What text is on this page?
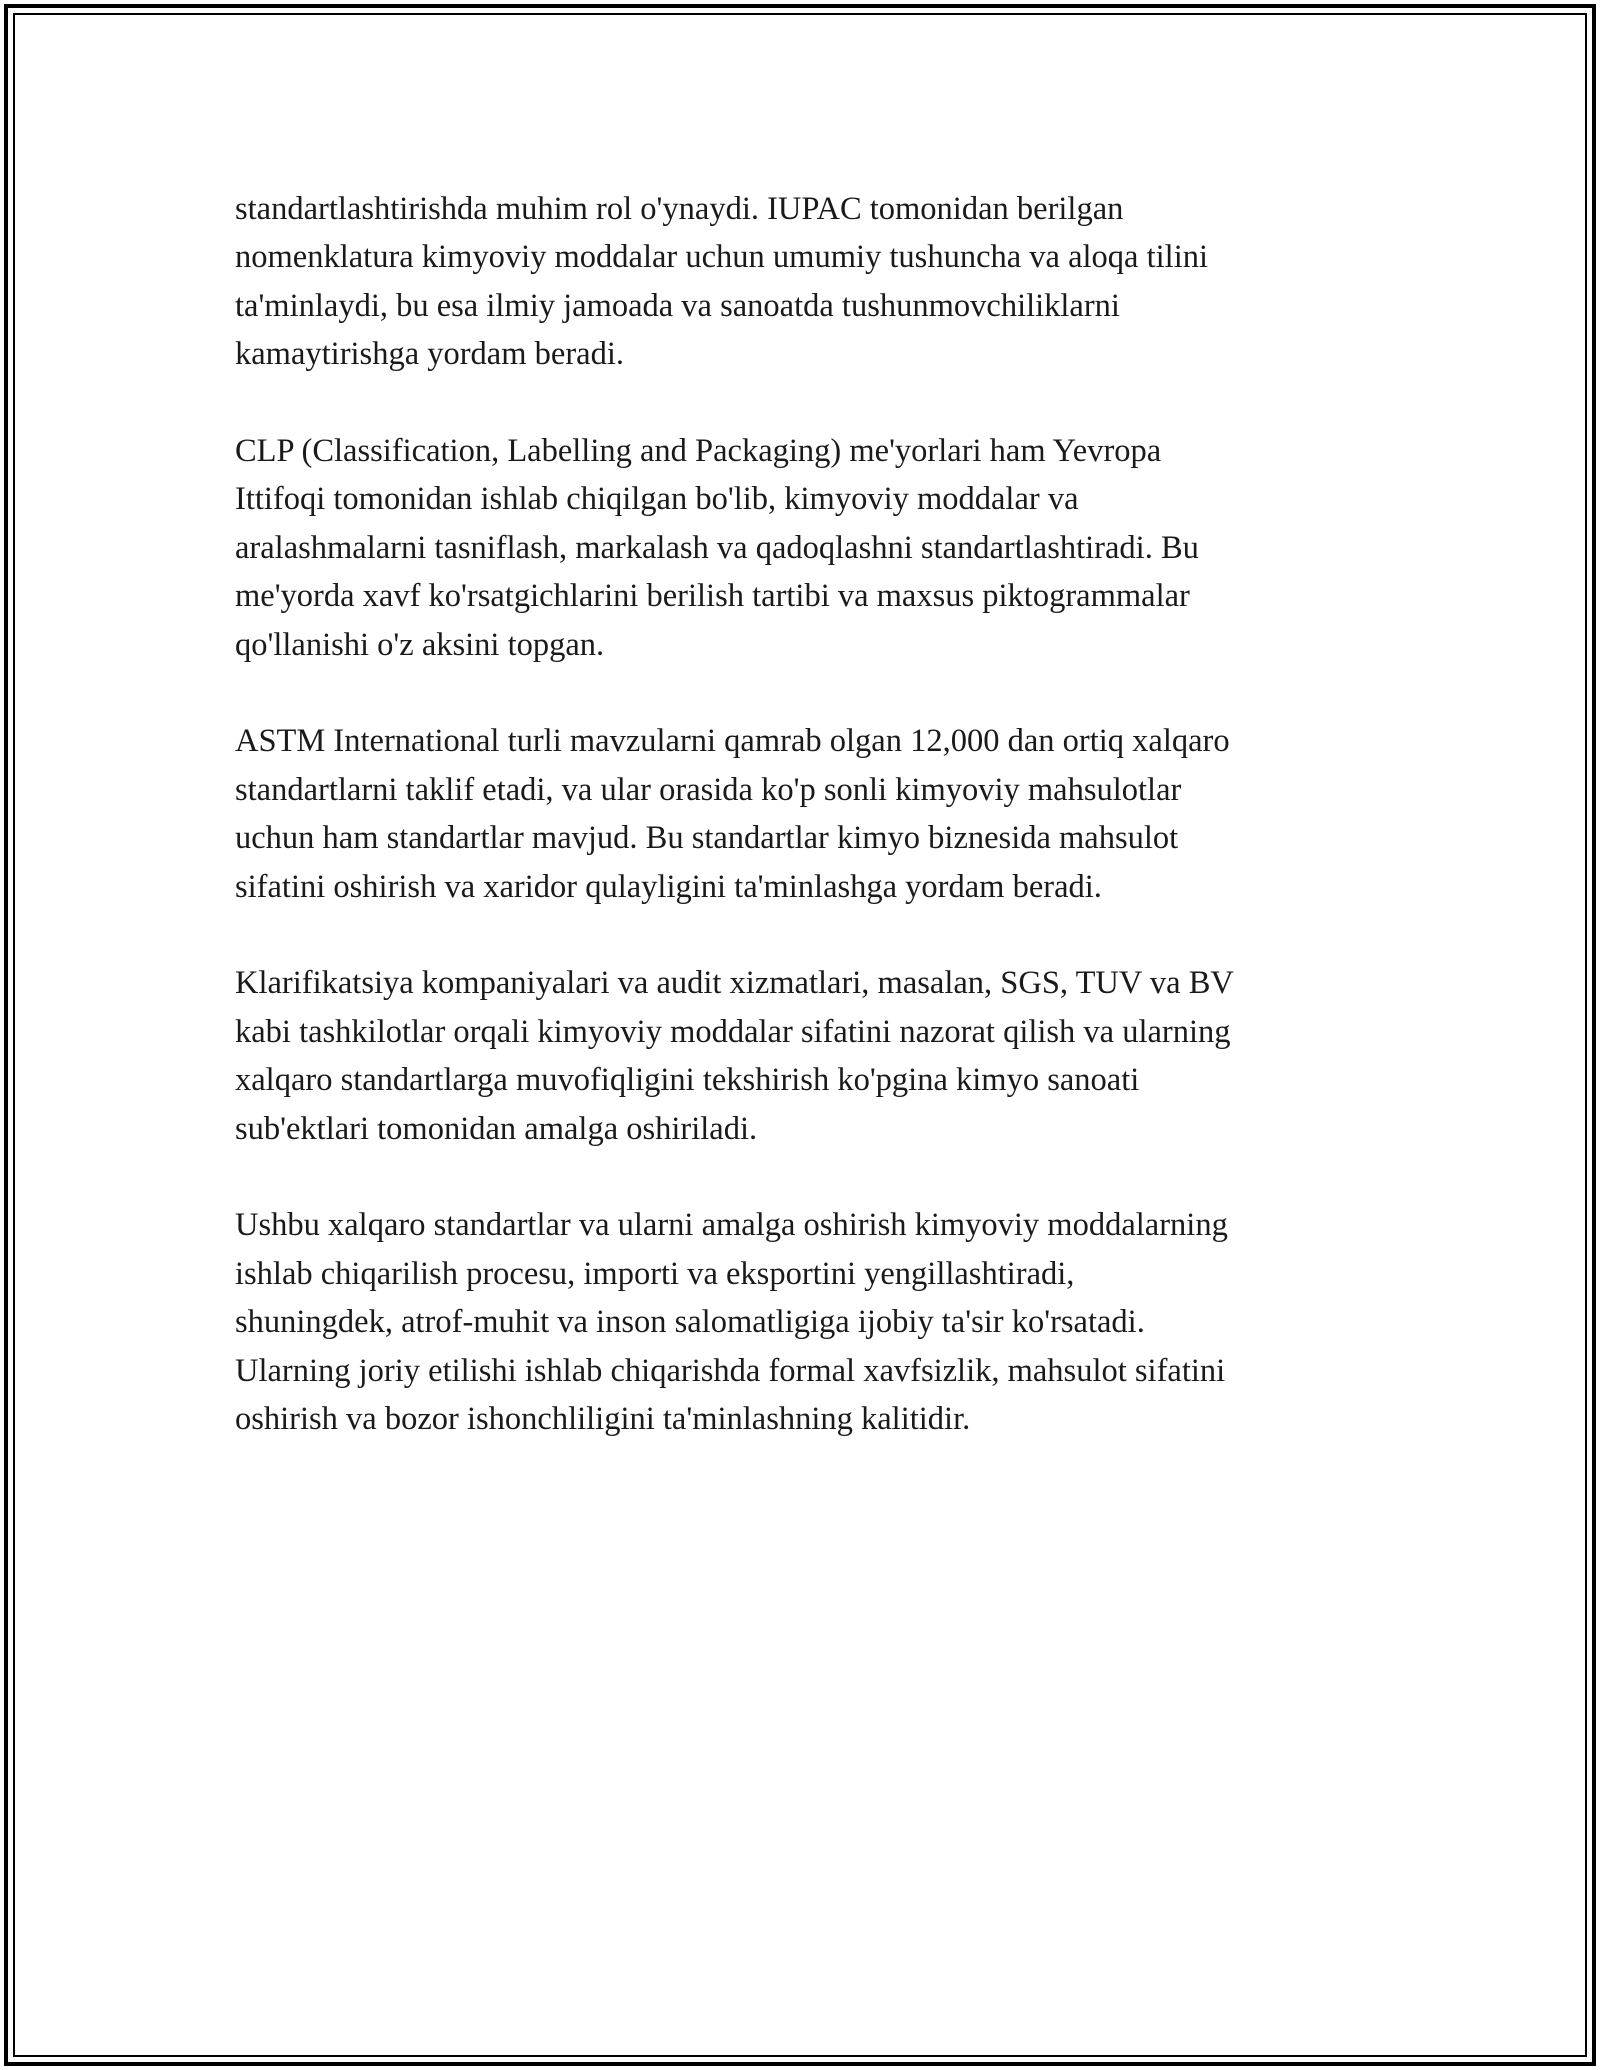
standartlashtirishda muhim rol o'ynaydi. IUPAC tomonidan berilgan
nomenklatura kimyoviy moddalar uchun umumiy tushuncha va aloqa tilini
ta'minlaydi, bu esa ilmiy jamoada va sanoatda tushunmovchiliklarni
kamaytirishga yordam beradi.

CLP (Classification, Labelling and Packaging) me'yorlari ham Yevropa
Ittifoqi tomonidan ishlab chiqilgan bo'lib, kimyoviy moddalar va
aralashmalarni tasniflash, markalash va qadoqlashni standartlashtiradi. Bu
me'yorda xavf ko'rsatgichlarini berilish tartibi va maxsus piktogrammalar
qo'llanishi o'z aksini topgan.

ASTM International turli mavzularni qamrab olgan 12,000 dan ortiq xalqaro
standartlarni taklif etadi, va ular orasida ko'p sonli kimyoviy mahsulotlar
uchun ham standartlar mavjud. Bu standartlar kimyo biznesida mahsulot
sifatini oshirish va xaridor qulayligini ta'minlashga yordam beradi.

Klarifikatsiya kompaniyalari va audit xizmatlari, masalan, SGS, TUV va BV
kabi tashkilotlar orqali kimyoviy moddalar sifatini nazorat qilish va ularning
xalqaro standartlarga muvofiqligini tekshirish ko'pgina kimyo sanoati
sub'ektlari tomonidan amalga oshiriladi.

Ushbu xalqaro standartlar va ularni amalga oshirish kimyoviy moddalarning
ishlab chiqarilish procesu, importi va eksportini yengillashtiradi,
shuningdek, atrof-muhit va inson salomatligiga ijobiy ta'sir ko'rsatadi.
Ularning joriy etilishi ishlab chiqarishda formal xavfsizlik, mahsulot sifatini
oshirish va bozor ishonchliligini ta'minlashning kalitidir.
